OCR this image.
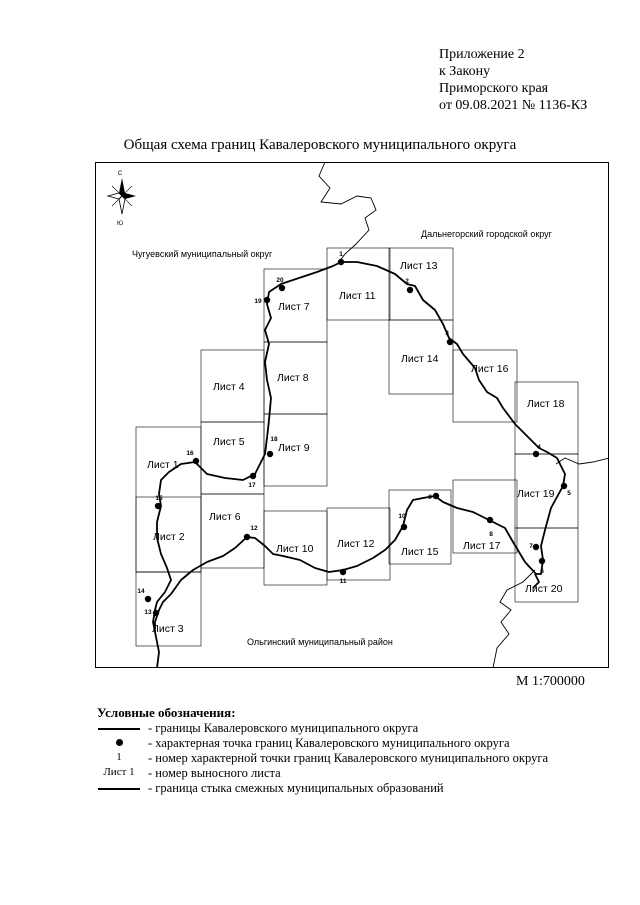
Приложение 2
к Закону
Приморского края
от 09.08.2021 № 1136-КЗ
Общая схема границ Кавалеровского муниципального округа
С
Ю
1
2
3
4
5
6
7
8
9
10
11
12
13
14
15
16
17
18
19
20
Лист 1
Лист 2
Лист 3
Лист 4
Лист 5
Лист 6
Лист 7
Лист 8
Лист 9
Лист 10
Лист 11
Лист 12
Лист 13
Лист 14
Лист 15
Лист 16
Лист 17
Лист 18
Лист 19
Лист 20
Чугуевский муниципальный округ
Дальнегорский городской округ
Ольгинский муниципальный район
М 1:700000
Условные обозначения:
- границы Кавалеровского муниципального округа
- характерная точка границ Кавалеровского муниципального округа
1	- номер характерной точки границ Кавалеровского муниципального округа
Лист 1	- номер выносного листа
- граница стыка смежных муниципальных образований
